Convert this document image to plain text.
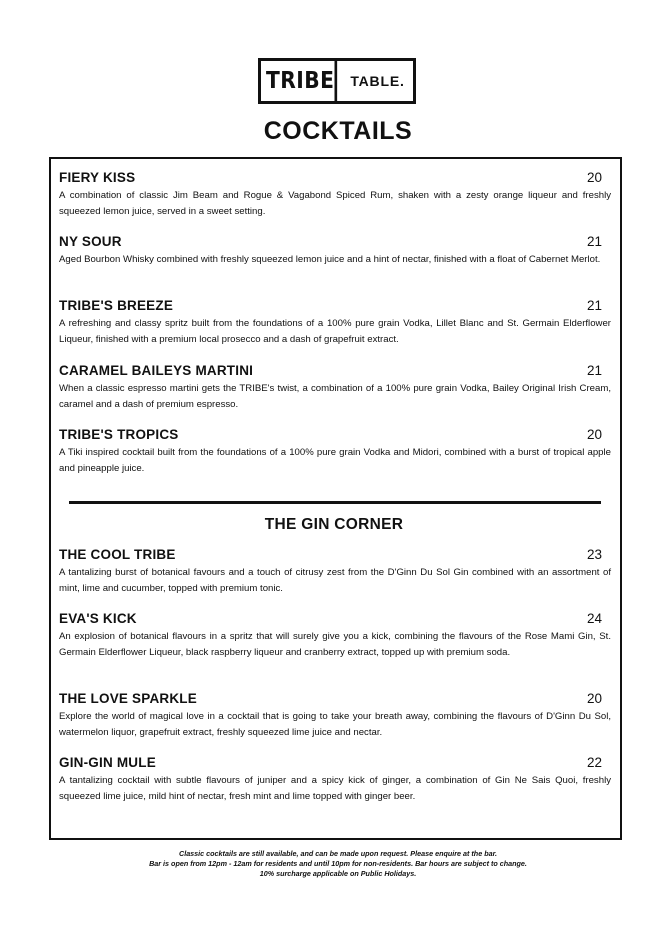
TRIBE	TABLE.
COCKTAILS
FIERY KISS	20
A combination of classic Jim Beam and Rogue & Vagabond Spiced Rum, shaken with a zesty orange liqueur and freshly squeezed lemon juice, served in a sweet setting.
NY SOUR	21
Aged Bourbon Whisky combined with freshly squeezed lemon juice and a hint of nectar, finished with a float of Cabernet Merlot.
TRIBE'S BREEZE	21
A refreshing and classy spritz built from the foundations of a 100% pure grain Vodka, Lillet Blanc and St. Germain Elderflower Liqueur, finished with a premium local prosecco and a dash of grapefruit extract.
CARAMEL BAILEYS MARTINI	21
When a classic espresso martini gets the TRIBE's twist, a combination of a 100% pure grain Vodka, Bailey Original Irish Cream, caramel and a dash of premium espresso.
TRIBE'S TROPICS	20
A Tiki inspired cocktail built from the foundations of a 100% pure grain Vodka and Midori, combined with a burst of tropical apple and pineapple juice.
THE GIN CORNER
THE COOL TRIBE	23
A tantalizing burst of botanical favours and a touch of citrusy zest from the D'Ginn Du Sol Gin combined with an assortment of mint, lime and cucumber, topped with premium tonic.
EVA'S KICK	24
An explosion of botanical flavours in a spritz that will surely give you a kick, combining the flavours of the Rose Mami Gin, St. Germain Elderflower Liqueur, black raspberry liqueur and cranberry extract, topped up with premium soda.
THE LOVE SPARKLE	20
Explore the world of magical love in a cocktail that is going to take your breath away, combining the flavours of D'Ginn Du Sol, watermelon liquor, grapefruit extract, freshly squeezed lime juice and nectar.
GIN-GIN MULE	22
A tantalizing cocktail with subtle flavours of juniper and a spicy kick of ginger, a combination of Gin Ne Sais Quoi, freshly squeezed lime juice, mild hint of nectar, fresh mint and lime topped with ginger beer.
Classic cocktails are still available, and can be made upon request. Please enquire at the bar.
Bar is open from 12pm - 12am for residents and until 10pm for non-residents. Bar hours are subject to change.
10% surcharge applicable on Public Holidays.
